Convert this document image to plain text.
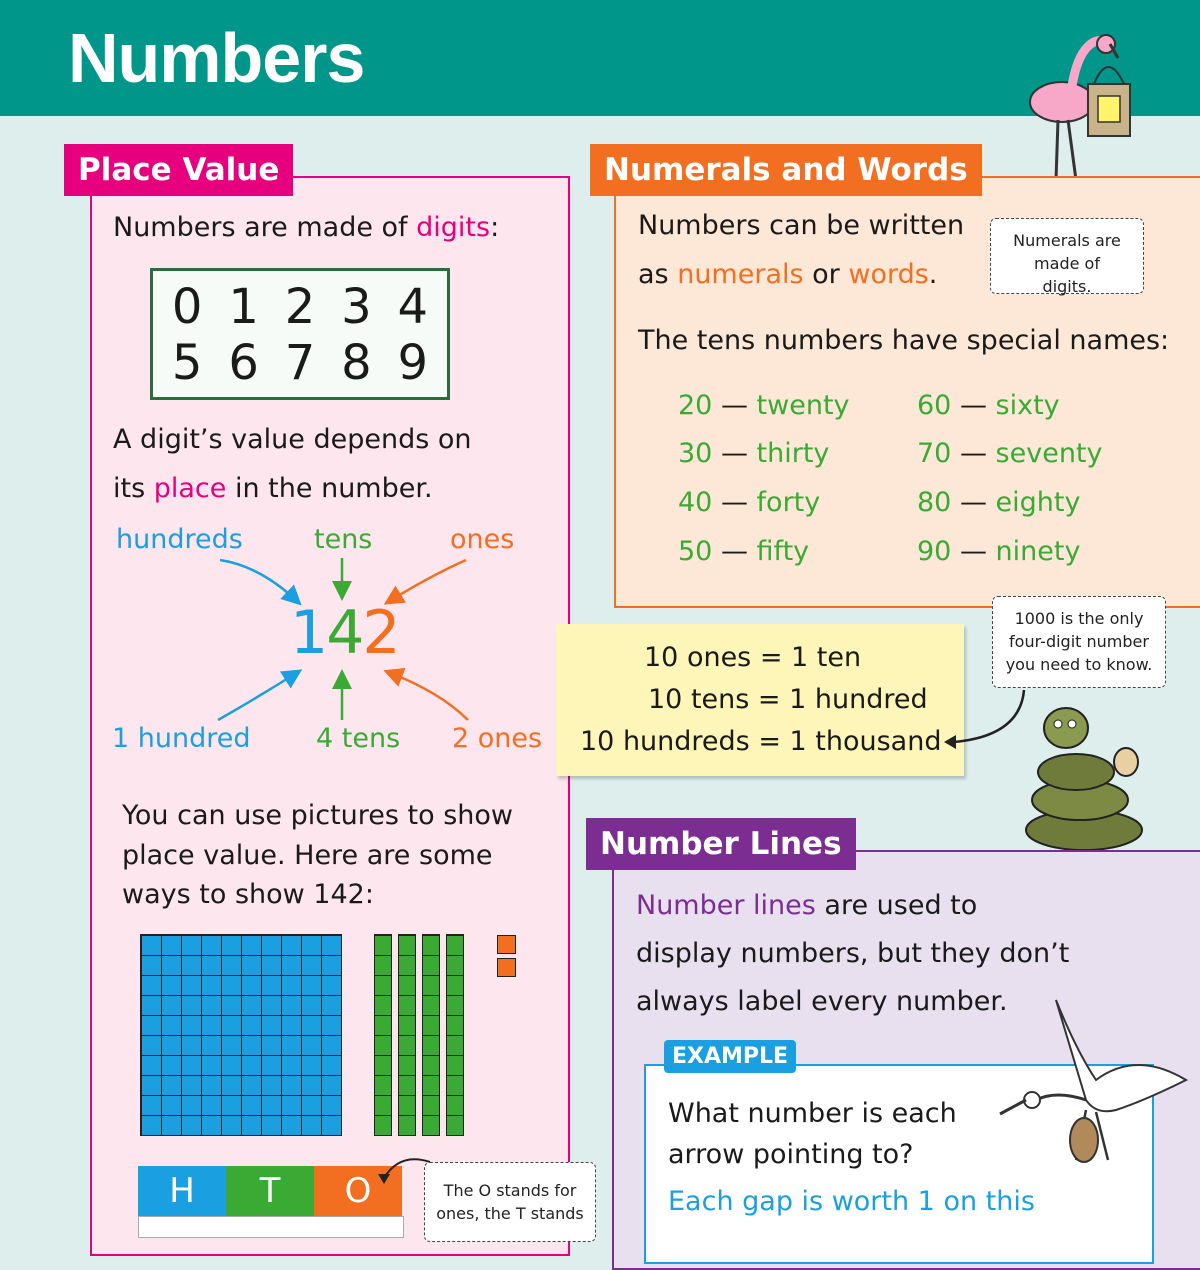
Numbers
Place Value
Numbers are made of digits:
0 1 2 3 4
5 6 7 8 9
A digit’s value depends on
its place in the number.
hundreds	tens	ones
142
1 hundred 4 tens 2 ones
You can use pictures to show
place value. Here are some
ways to show 142:
H	T	O	The O stands for ones, the T stands
Numerals and Words
Numbers can be written
as numerals or words.
Numerals are made of digits.
The tens numbers have special names:
20 — twenty
30 — thirty
40 — forty
50 — fifty
60 — sixty
70 — seventy
80 — eighty
90 — ninety
10 ones = 1 ten
10 tens = 1 hundred
10 hundreds = 1 thousand
1000 is the only four-digit number you need to know.
Number Lines
Number lines are used to
display numbers, but they don’t
always label every number.
EXAMPLE
What number is each
arrow pointing to?
Each gap is worth 1 on this
